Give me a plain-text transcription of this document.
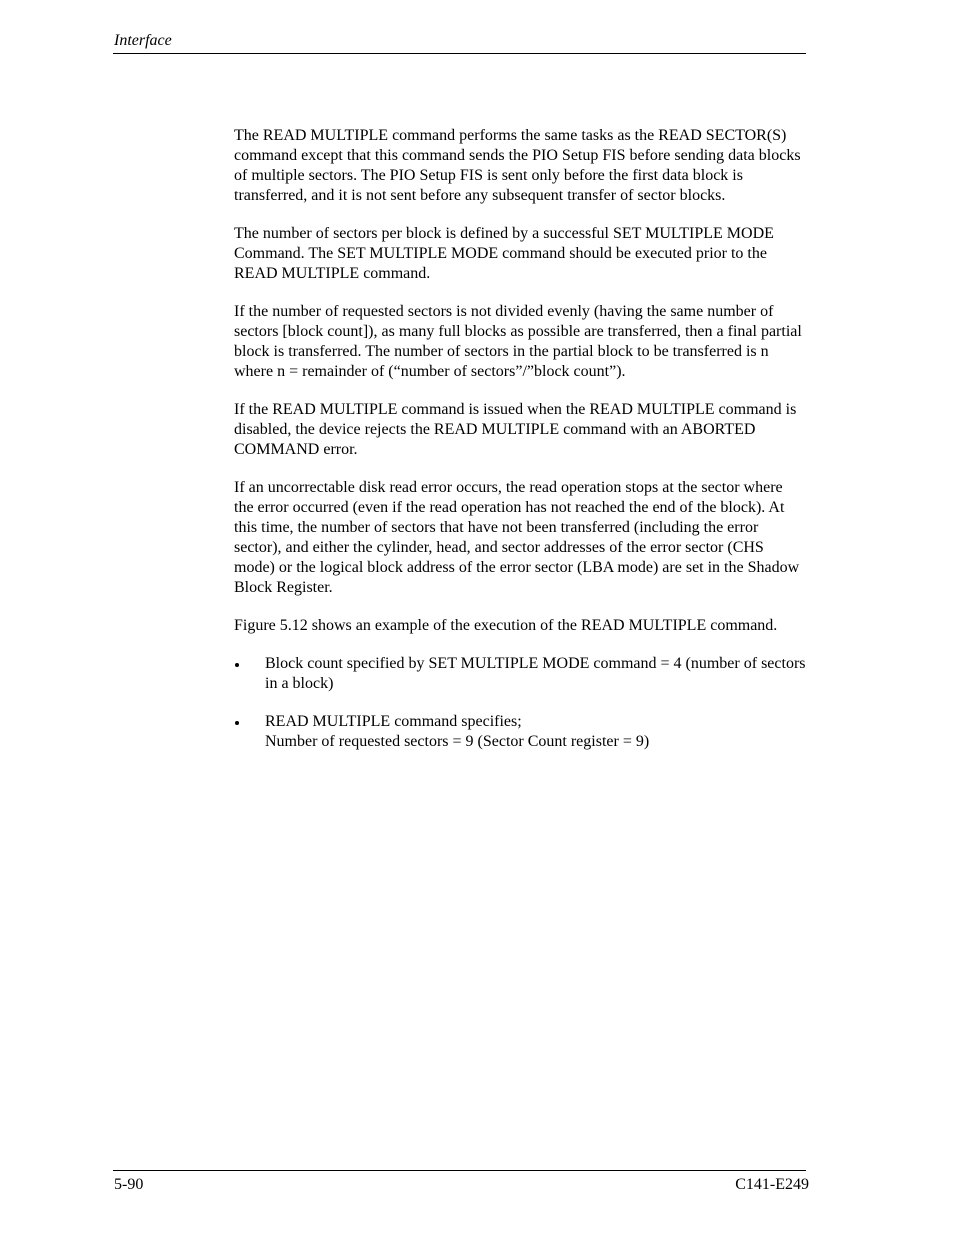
Interface

The READ MULTIPLE command performs the same tasks as the READ SECTOR(S) command except that this command sends the PIO Setup FIS before sending data blocks of multiple sectors. The PIO Setup FIS is sent only before the first data block is transferred, and it is not sent before any subsequent transfer of sector blocks.

The number of sectors per block is defined by a successful SET MULTIPLE MODE Command. The SET MULTIPLE MODE command should be executed prior to the READ MULTIPLE command.

If the number of requested sectors is not divided evenly (having the same number of sectors [block count]), as many full blocks as possible are transferred, then a final partial block is transferred. The number of sectors in the partial block to be transferred is n where n = remainder of (“number of sectors”/”block count”).

If the READ MULTIPLE command is issued when the READ MULTIPLE command is disabled, the device rejects the READ MULTIPLE command with an ABORTED COMMAND error.

If an uncorrectable disk read error occurs, the read operation stops at the sector where the error occurred (even if the read operation has not reached the end of the block). At this time, the number of sectors that have not been transferred (including the error sector), and either the cylinder, head, and sector addresses of the error sector (CHS mode) or the logical block address of the error sector (LBA mode) are set in the Shadow Block Register.

Figure 5.12 shows an example of the execution of the READ MULTIPLE command.

Block count specified by SET MULTIPLE MODE command = 4 (number of sectors in a block)
READ MULTIPLE command specifies;
Number of requested sectors = 9 (Sector Count register = 9)
5-90	C141-E249
